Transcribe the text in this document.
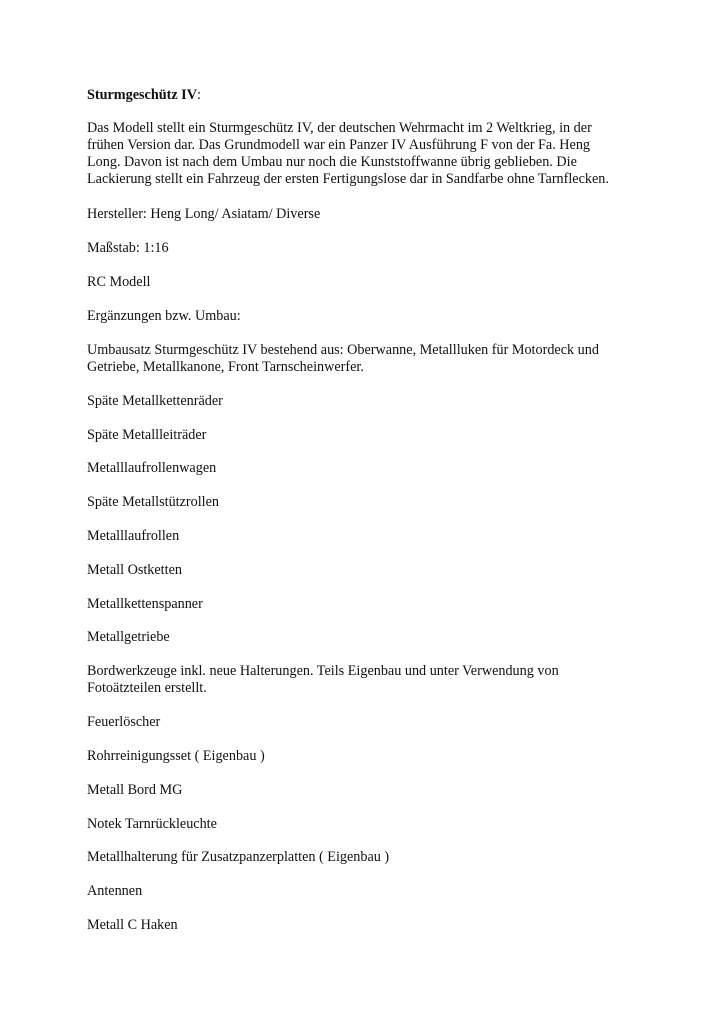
Sturmgeschütz IV:
Das Modell stellt ein Sturmgeschütz IV, der deutschen Wehrmacht im 2 Weltkrieg, in der
frühen Version dar. Das Grundmodell war ein Panzer IV Ausführung F von der Fa. Heng
Long. Davon ist nach dem Umbau nur noch die Kunststoffwanne übrig geblieben. Die
Lackierung stellt ein Fahrzeug der ersten Fertigungslose dar in Sandfarbe ohne Tarnflecken.
Hersteller: Heng Long/ Asiatam/ Diverse
Maßstab: 1:16
RC Modell
Ergänzungen bzw. Umbau:
Umbausatz Sturmgeschütz IV bestehend aus: Oberwanne, Metallluken für Motordeck und
Getriebe, Metallkanone, Front Tarnscheinwerfer.
Späte Metallkettenräder
Späte Metallleiträder
Metalllaufrollenwagen
Späte Metallstützrollen
Metalllaufrollen
Metall Ostketten
Metallkettenspanner
Metallgetriebe
Bordwerkzeuge inkl. neue Halterungen. Teils Eigenbau und unter Verwendung von
Fotoätzteilen erstellt.
Feuerlöscher
Rohrreinigungsset ( Eigenbau )
Metall Bord MG
Notek Tarnrückleuchte
Metallhalterung für Zusatzpanzerplatten ( Eigenbau )
Antennen
Metall C Haken
